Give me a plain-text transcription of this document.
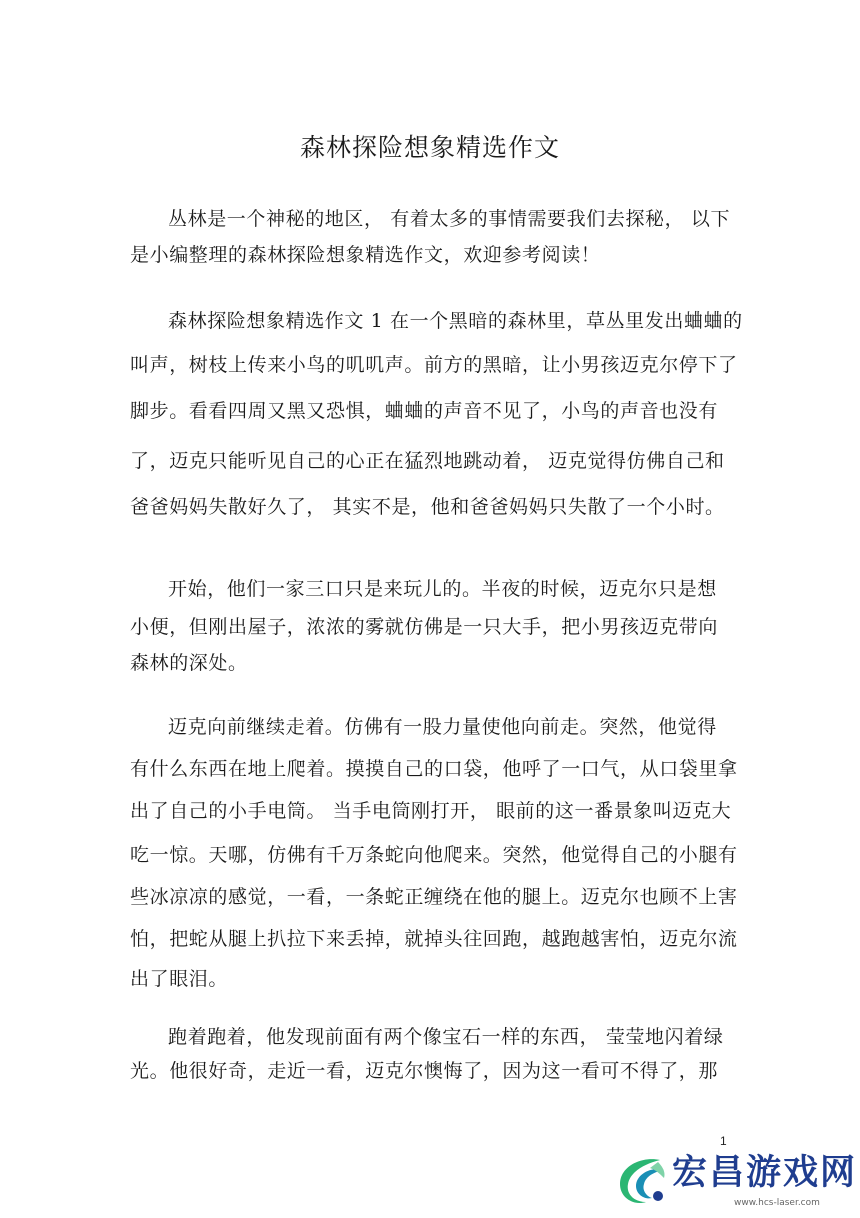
森林探险想象精选作文
丛林是一个神秘的地区， 有着太多的事情需要我们去探秘， 以下
是小编整理的森林探险想象精选作文，欢迎参考阅读！
森林探险想象精选作文 1 在一个黑暗的森林里，草丛里发出蛐蛐的
叫声，树枝上传来小鸟的叽叽声。前方的黑暗，让小男孩迈克尔停下了
脚步。看看四周又黑又恐惧，蛐蛐的声音不见了，小鸟的声音也没有
了，迈克只能听见自己的心正在猛烈地跳动着， 迈克觉得仿佛自己和
爸爸妈妈失散好久了， 其实不是，他和爸爸妈妈只失散了一个小时。
开始，他们一家三口只是来玩儿的。半夜的时候，迈克尔只是想
小便，但刚出屋子，浓浓的雾就仿佛是一只大手，把小男孩迈克带向
森林的深处。
迈克向前继续走着。仿佛有一股力量使他向前走。突然，他觉得
有什么东西在地上爬着。摸摸自己的口袋，他呼了一口气，从口袋里拿
出了自己的小手电筒。 当手电筒刚打开， 眼前的这一番景象叫迈克大
吃一惊。天哪，仿佛有千万条蛇向他爬来。突然，他觉得自己的小腿有
些冰凉凉的感觉，一看，一条蛇正缠绕在他的腿上。迈克尔也顾不上害
怕，把蛇从腿上扒拉下来丢掉，就掉头往回跑，越跑越害怕，迈克尔流
出了眼泪。
跑着跑着，他发现前面有两个像宝石一样的东西， 莹莹地闪着绿
光。他很好奇，走近一看，迈克尔懊悔了，因为这一看可不得了，那
1
宏昌游戏网
www.hcs-laser.com
